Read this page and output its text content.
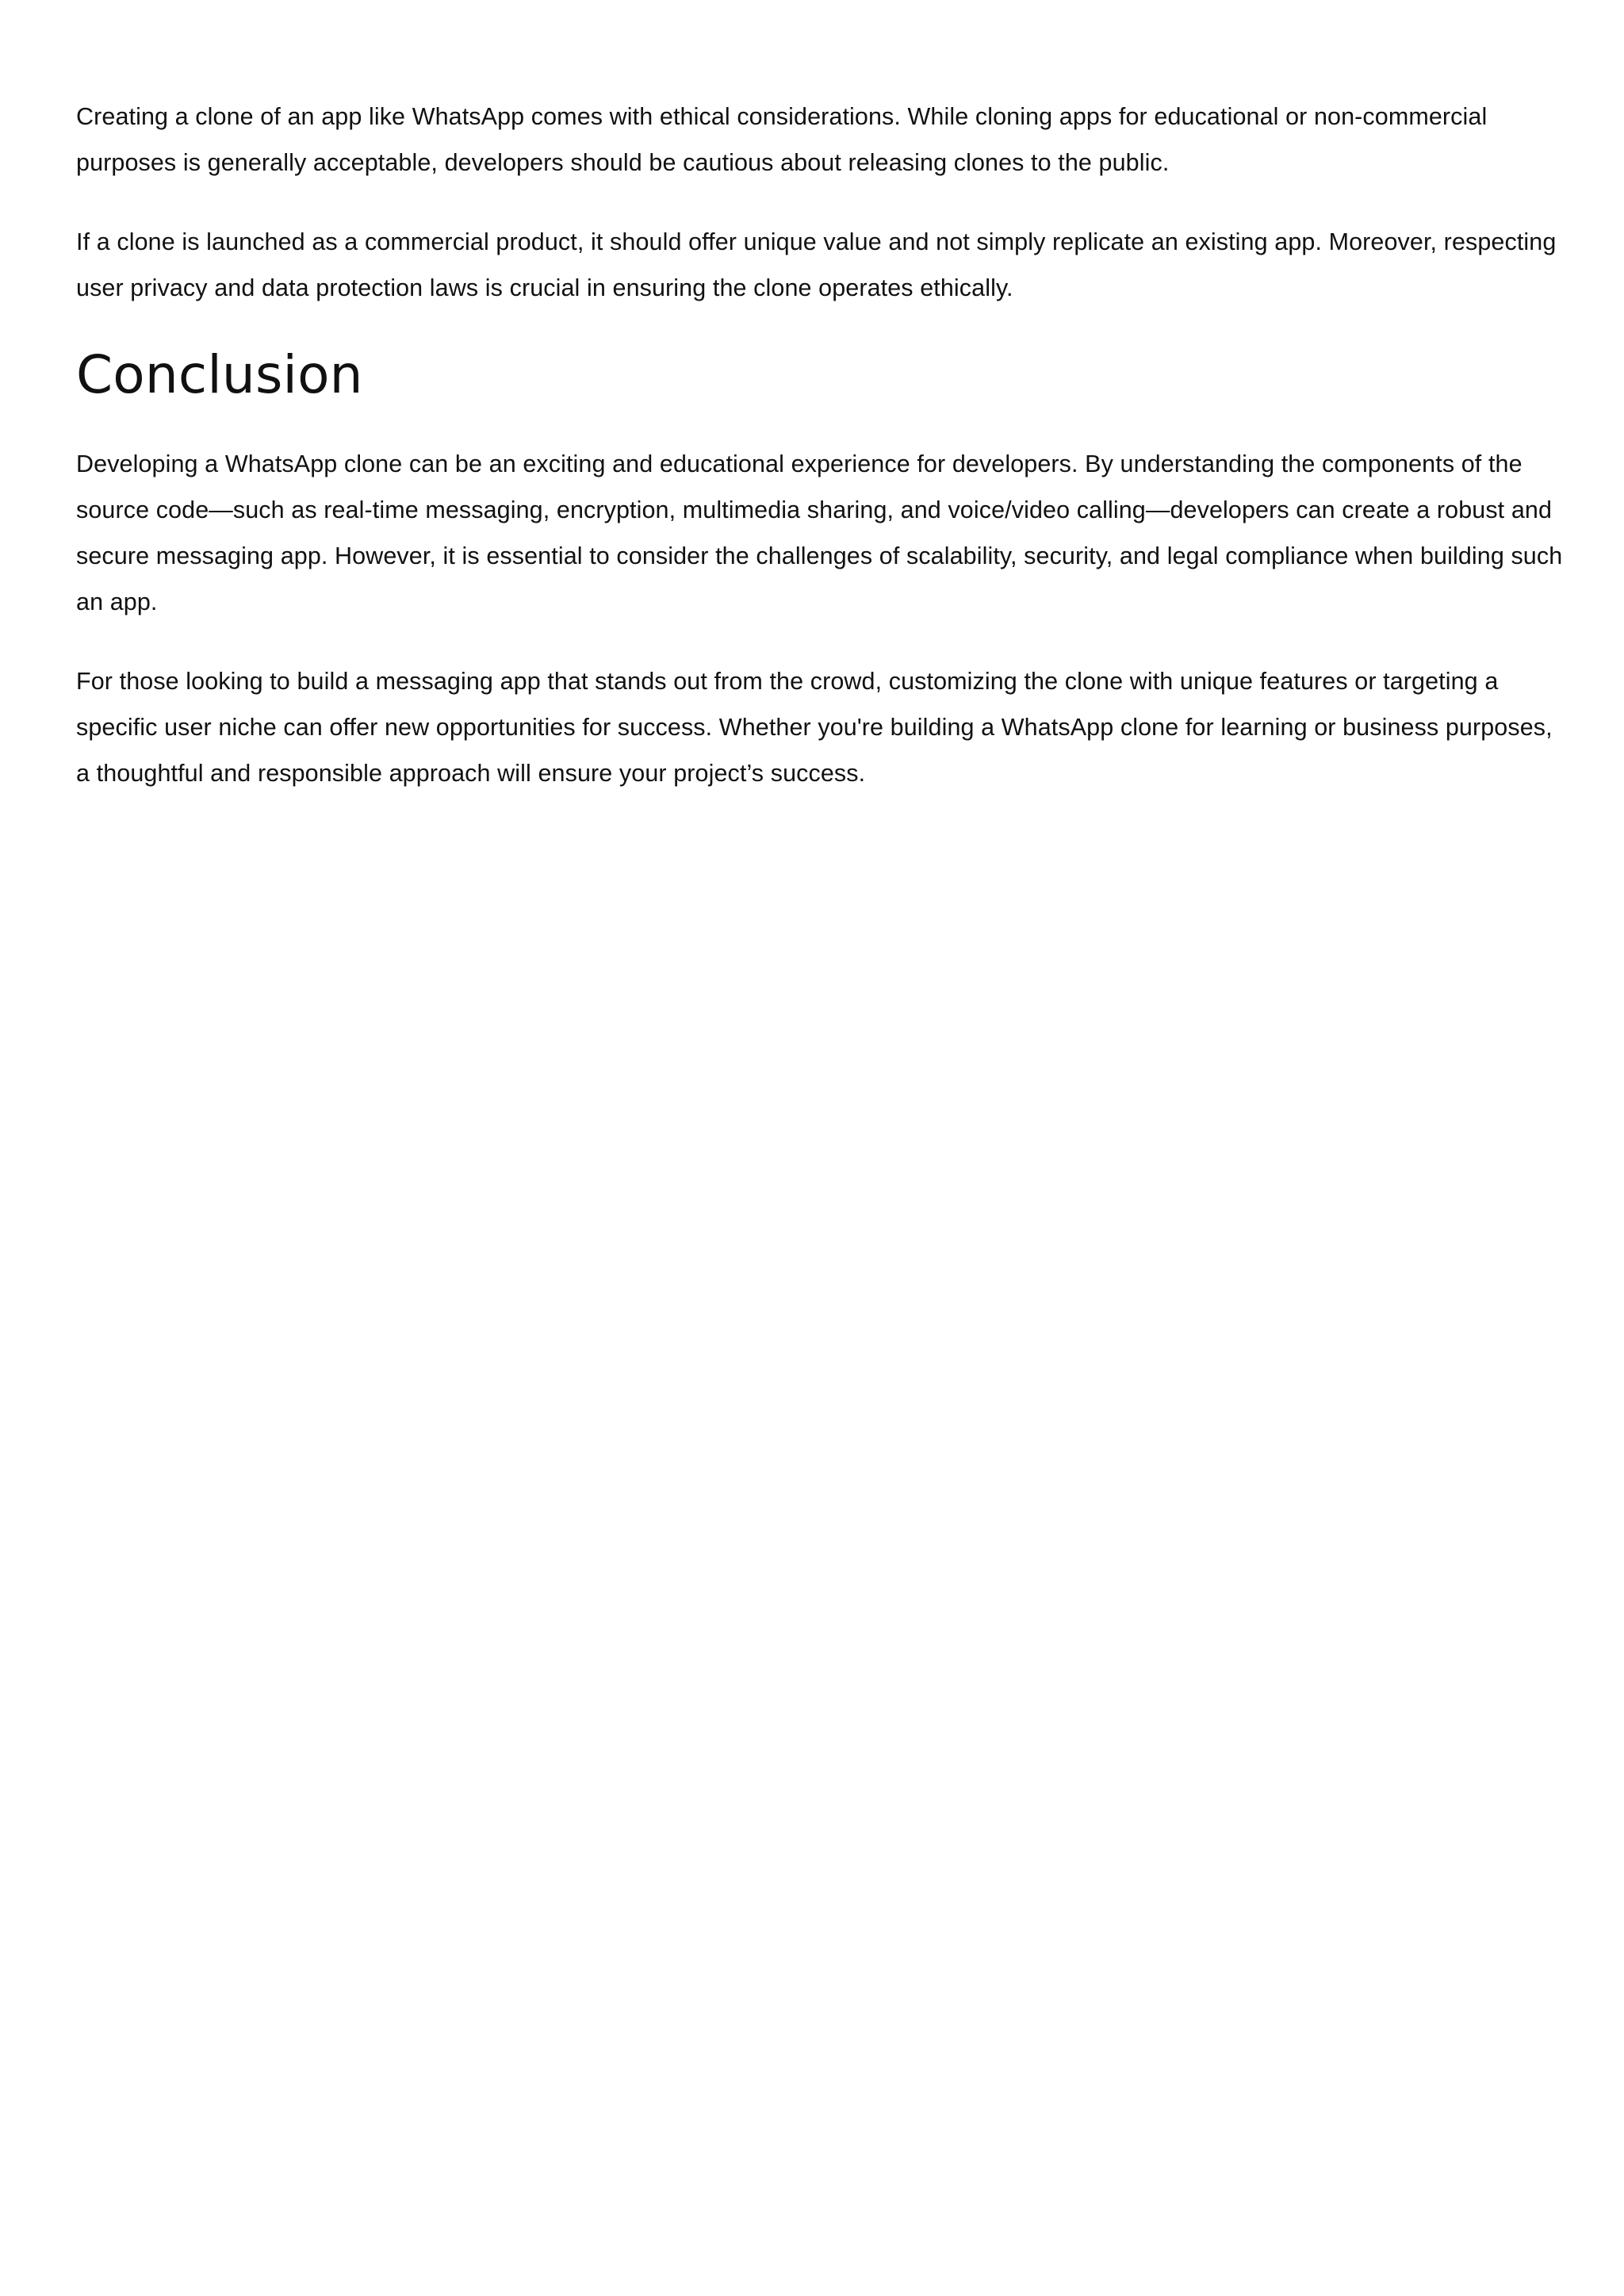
Creating a clone of an app like WhatsApp comes with ethical considerations. While cloning apps for educational or non-commercial purposes is generally acceptable, developers should be cautious about releasing clones to the public.

If a clone is launched as a commercial product, it should offer unique value and not simply replicate an existing app. Moreover, respecting user privacy and data protection laws is crucial in ensuring the clone operates ethically.

Conclusion

Developing a WhatsApp clone can be an exciting and educational experience for developers. By understanding the components of the source code—such as real-time messaging, encryption, multimedia sharing, and voice/video calling—developers can create a robust and secure messaging app. However, it is essential to consider the challenges of scalability, security, and legal compliance when building such an app.

For those looking to build a messaging app that stands out from the crowd, customizing the clone with unique features or targeting a specific user niche can offer new opportunities for success. Whether you're building a WhatsApp clone for learning or business purposes, a thoughtful and responsible approach will ensure your project’s success.
